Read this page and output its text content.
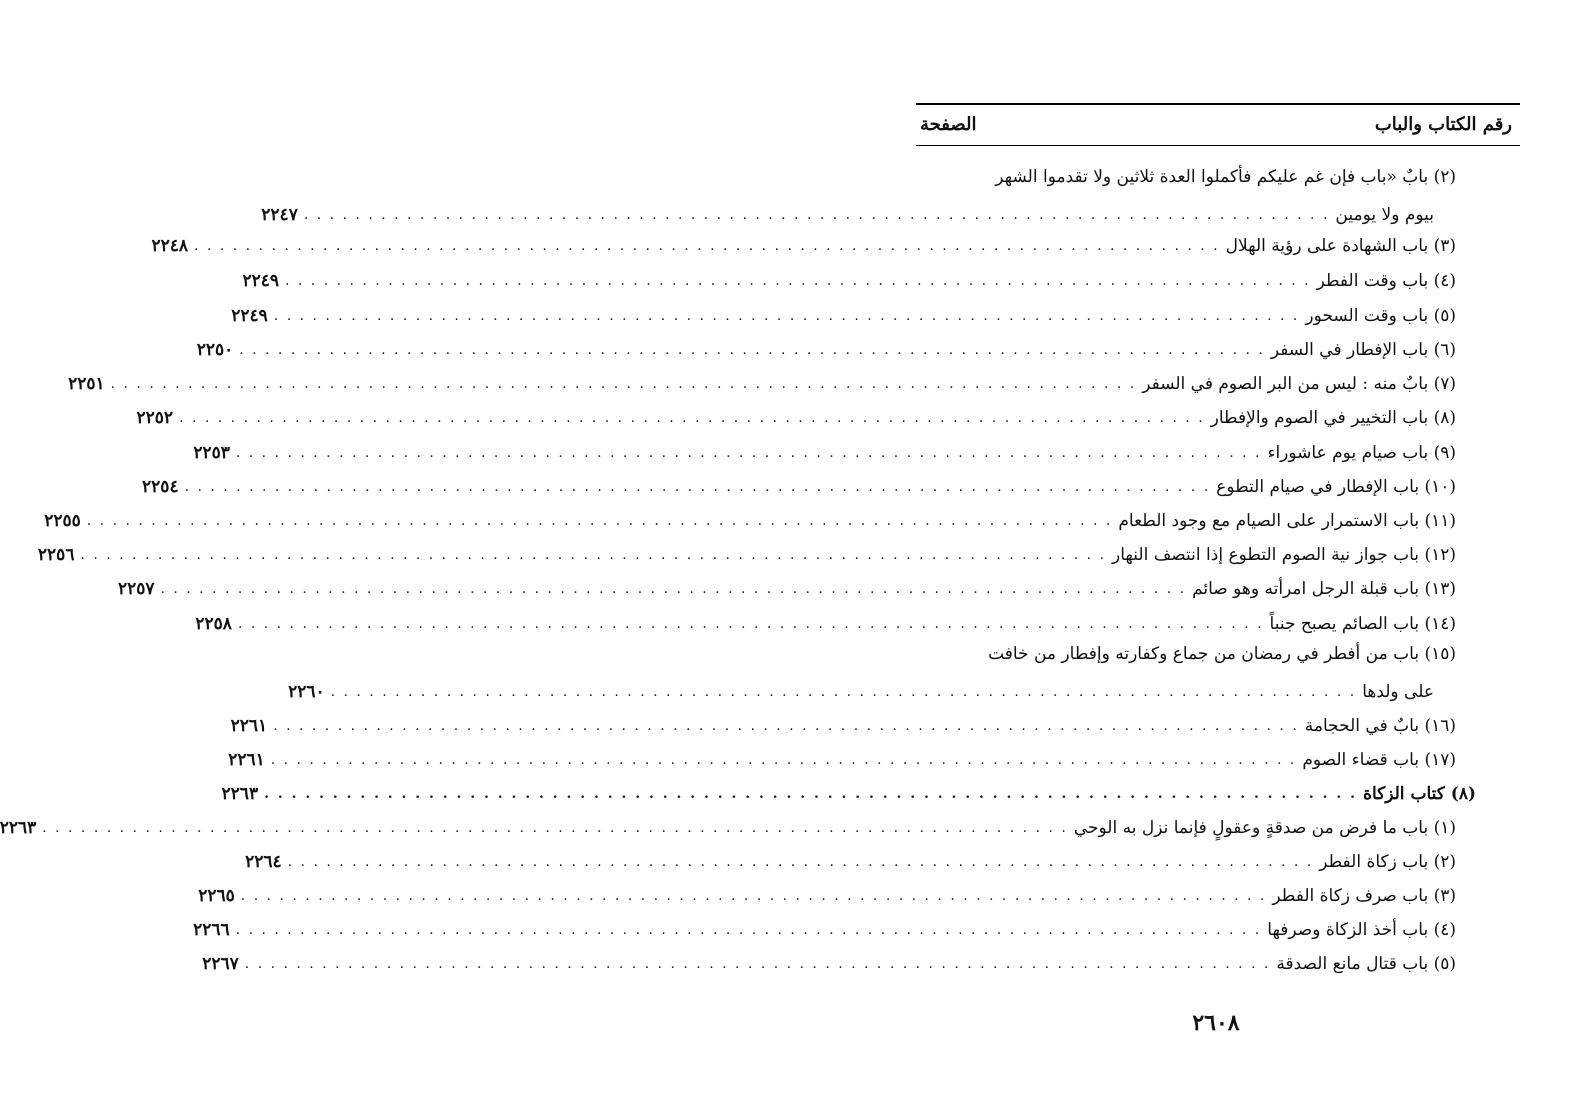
رقم الكتاب والباب
الصفحة
(٢) بابٌ «باب فإن غم عليكم فأكملوا العدة ثلاثين ولا تقدموا الشهر
بيوم ولا يومين
. . . . . . . . . . . . . . . . . . . . . . . . . . . . . . . . . . . . . . . . . . . . . . . . . . . . . . . . . . . . . . . . . . . . . . . . . . . . . . . .
٢٢٤٧
(٣) باب الشهادة على رؤية الهلال
. . . . . . . . . . . . . . . . . . . . . . . . . . . . . . . . . . . . . . . . . . . . . . . . . . . . . . . . . . . . . . . . . . . . . . . . . . . . . . . .
٢٢٤٨
(٤) باب وقت الفطر
. . . . . . . . . . . . . . . . . . . . . . . . . . . . . . . . . . . . . . . . . . . . . . . . . . . . . . . . . . . . . . . . . . . . . . . . . . . . . . . .
٢٢٤٩
(٥) باب وقت السحور
. . . . . . . . . . . . . . . . . . . . . . . . . . . . . . . . . . . . . . . . . . . . . . . . . . . . . . . . . . . . . . . . . . . . . . . . . . . . . . . .
٢٢٤٩
(٦) باب الإفطار في السفر
. . . . . . . . . . . . . . . . . . . . . . . . . . . . . . . . . . . . . . . . . . . . . . . . . . . . . . . . . . . . . . . . . . . . . . . . . . . . . . . .
٢٢٥٠
(٧) بابٌ منه : ليس من البر الصوم في السفر
. . . . . . . . . . . . . . . . . . . . . . . . . . . . . . . . . . . . . . . . . . . . . . . . . . . . . . . . . . . . . . . . . . . . . . . . . . . . . . . .
٢٢٥١
(٨) باب التخيير في الصوم والإفطار
. . . . . . . . . . . . . . . . . . . . . . . . . . . . . . . . . . . . . . . . . . . . . . . . . . . . . . . . . . . . . . . . . . . . . . . . . . . . . . . .
٢٢٥٢
(٩) باب صيام يوم عاشوراء
. . . . . . . . . . . . . . . . . . . . . . . . . . . . . . . . . . . . . . . . . . . . . . . . . . . . . . . . . . . . . . . . . . . . . . . . . . . . . . . .
٢٢٥٣
(١٠) باب الإفطار في صيام التطوع
. . . . . . . . . . . . . . . . . . . . . . . . . . . . . . . . . . . . . . . . . . . . . . . . . . . . . . . . . . . . . . . . . . . . . . . . . . . . . . . .
٢٢٥٤
(١١) باب الاستمرار على الصيام مع وجود الطعام
. . . . . . . . . . . . . . . . . . . . . . . . . . . . . . . . . . . . . . . . . . . . . . . . . . . . . . . . . . . . . . . . . . . . . . . . . . . . . . . .
٢٢٥٥
(١٢) باب جواز نية الصوم التطوع إذا انتصف النهار
. . . . . . . . . . . . . . . . . . . . . . . . . . . . . . . . . . . . . . . . . . . . . . . . . . . . . . . . . . . . . . . . . . . . . . . . . . . . . . . .
٢٢٥٦
(١٣) باب قبلة الرجل امرأته وهو صائم
. . . . . . . . . . . . . . . . . . . . . . . . . . . . . . . . . . . . . . . . . . . . . . . . . . . . . . . . . . . . . . . . . . . . . . . . . . . . . . . .
٢٢٥٧
(١٤) باب الصائم يصبح جنباً
. . . . . . . . . . . . . . . . . . . . . . . . . . . . . . . . . . . . . . . . . . . . . . . . . . . . . . . . . . . . . . . . . . . . . . . . . . . . . . . .
٢٢٥٨
(١٥) باب من أفطر في رمضان من جماع وكفارته وإفطار من خافت
على ولدها
. . . . . . . . . . . . . . . . . . . . . . . . . . . . . . . . . . . . . . . . . . . . . . . . . . . . . . . . . . . . . . . . . . . . . . . . . . . . . . . .
٢٢٦٠
(١٦) بابٌ في الحجامة
. . . . . . . . . . . . . . . . . . . . . . . . . . . . . . . . . . . . . . . . . . . . . . . . . . . . . . . . . . . . . . . . . . . . . . . . . . . . . . . .
٢٢٦١
(١٧) باب قضاء الصوم
. . . . . . . . . . . . . . . . . . . . . . . . . . . . . . . . . . . . . . . . . . . . . . . . . . . . . . . . . . . . . . . . . . . . . . . . . . . . . . . .
٢٢٦١
(٨) كتاب الزكاة
. . . . . . . . . . . . . . . . . . . . . . . . . . . . . . . . . . . . . . . . . . . . . . . . . . . . . . . . . . . . . . . . . . . . . . . . . . . . . . . .
٢٢٦٣
(١) باب ما فرض من صدقةٍ وعقولٍ فإنما نزل به الوحي
. . . . . . . . . . . . . . . . . . . . . . . . . . . . . . . . . . . . . . . . . . . . . . . . . . . . . . . . . . . . . . . . . . . . . . . . . . . . . . . .
٢٢٦٣
(٢) باب زكاة الفطر
. . . . . . . . . . . . . . . . . . . . . . . . . . . . . . . . . . . . . . . . . . . . . . . . . . . . . . . . . . . . . . . . . . . . . . . . . . . . . . . .
٢٢٦٤
(٣) باب صرف زكاة الفطر
. . . . . . . . . . . . . . . . . . . . . . . . . . . . . . . . . . . . . . . . . . . . . . . . . . . . . . . . . . . . . . . . . . . . . . . . . . . . . . . .
٢٢٦٥
(٤) باب أخذ الزكاة وصرفها
. . . . . . . . . . . . . . . . . . . . . . . . . . . . . . . . . . . . . . . . . . . . . . . . . . . . . . . . . . . . . . . . . . . . . . . . . . . . . . . .
٢٢٦٦
(٥) باب قتال مانع الصدقة
. . . . . . . . . . . . . . . . . . . . . . . . . . . . . . . . . . . . . . . . . . . . . . . . . . . . . . . . . . . . . . . . . . . . . . . . . . . . . . . .
٢٢٦٧
٢٦٠٨
